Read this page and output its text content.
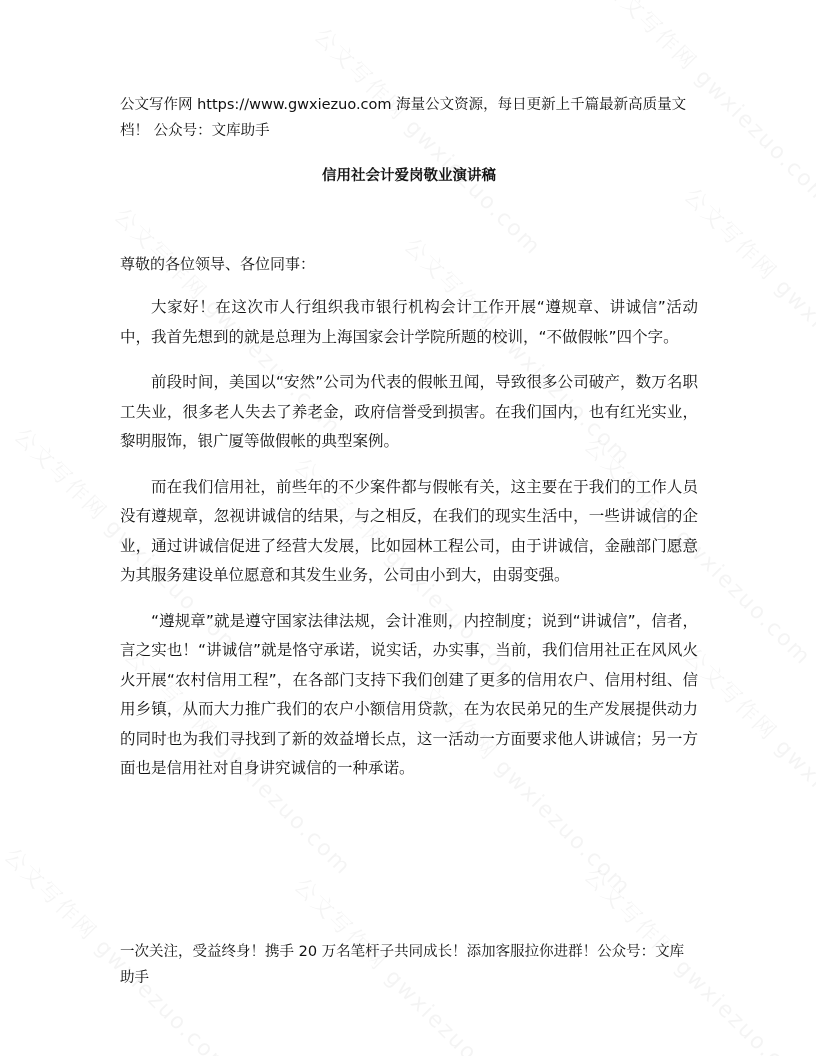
公文写作网 https://www.gwxiezuo.com 海量公文资源，每日更新上千篇最新高质量文档！ 公众号：文库助手
信用社会计爱岗敬业演讲稿
尊敬的各位领导、各位同事：

大家好！在这次市人行组织我市银行机构会计工作开展“遵规章、讲诚信”活动中，我首先想到的就是总理为上海国家会计学院所题的校训，“不做假帐”四个字。

前段时间，美国以“安然”公司为代表的假帐丑闻，导致很多公司破产，数万名职工失业，很多老人失去了养老金，政府信誉受到损害。在我们国内，也有红光实业，黎明服饰，银广厦等做假帐的典型案例。

而在我们信用社，前些年的不少案件都与假帐有关，这主要在于我们的工作人员没有遵规章，忽视讲诚信的结果，与之相反，在我们的现实生活中，一些讲诚信的企业，通过讲诚信促进了经营大发展，比如园林工程公司，由于讲诚信，金融部门愿意为其服务建设单位愿意和其发生业务，公司由小到大，由弱变强。

“遵规章”就是遵守国家法律法规，会计准则，内控制度；说到“讲诚信”，信者，言之实也！“讲诚信”就是恪守承诺，说实话，办实事，当前，我们信用社正在风风火火开展“农村信用工程”，在各部门支持下我们创建了更多的信用农户、信用村组、信用乡镇，从而大力推广我们的农户小额信用贷款，在为农民弟兄的生产发展提供动力的同时也为我们寻找到了新的效益增长点，这一活动一方面要求他人讲诚信；另一方面也是信用社对自身讲究诚信的一种承诺。

一次关注，受益终身！携手 20 万名笔杆子共同成长！添加客服拉你进群！公众号：文库助手
